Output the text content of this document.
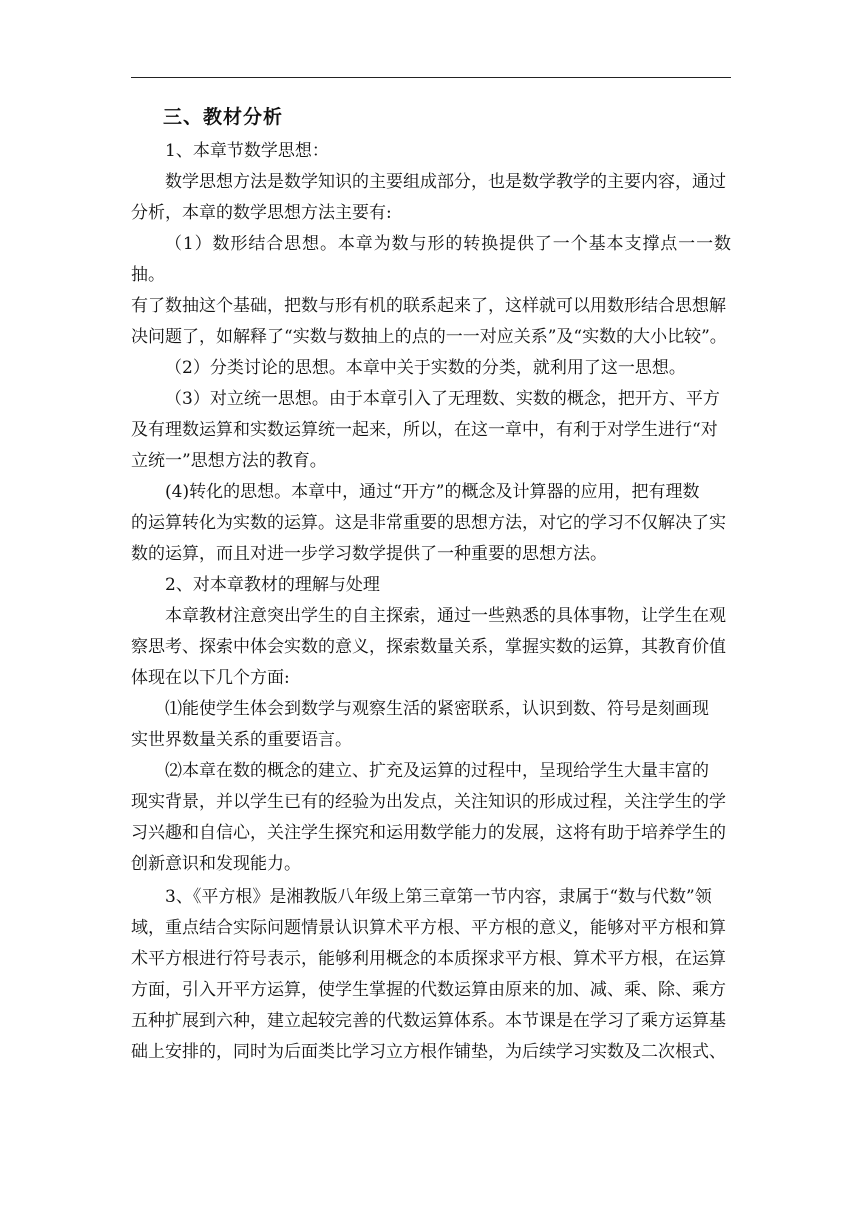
三、教材分析

1、本章节数学思想：

数学思想方法是数学知识的主要组成部分，也是数学教学的主要内容，通过
分析，本章的数学思想方法主要有:

（1）数形结合思想。本章为数与形的转换提供了一个基本支撑点一一数抽。
有了数抽这个基础，把数与形有机的联系起来了，这样就可以用数形结合思想解
决问题了，如解释了“实数与数抽上的点的一一对应关系”及“实数的大小比较”。

（2）分类讨论的思想。本章中关于实数的分类，就利用了这一思想。

（3）对立统一思想。由于本章引入了无理数、实数的概念，把开方、平方
及有理数运算和实数运算统一起来，所以，在这一章中，有利于对学生进行“对
立统一”思想方法的教育。

(4)转化的思想。本章中，通过“开方”的概念及计算器的应用，把有理数
的运算转化为实数的运算。这是非常重要的思想方法，对它的学习不仅解决了实
数的运算，而且对进一步学习数学提供了一种重要的思想方法。

2、对本章教材的理解与处理

本章教材注意突出学生的自主探索，通过一些熟悉的具体事物，让学生在观
察思考、探索中体会实数的意义，探索数量关系，掌握实数的运算，其教育价值
体现在以下几个方面:

⑴能使学生体会到数学与观察生活的紧密联系，认识到数、符号是刻画现
实世界数量关系的重要语言。

⑵本章在数的概念的建立、扩充及运算的过程中，呈现给学生大量丰富的
现实背景，并以学生已有的经验为出发点，关注知识的形成过程，关注学生的学
习兴趣和自信心，关注学生探究和运用数学能力的发展，这将有助于培养学生的
创新意识和发现能力。

3、《平方根》是湘教版八年级上第三章第一节内容，隶属于“数与代数”领
域，重点结合实际问题情景认识算术平方根、平方根的意义，能够对平方根和算
术平方根进行符号表示，能够利用概念的本质探求平方根、算术平方根，在运算
方面，引入开平方运算，使学生掌握的代数运算由原来的加、减、乘、除、乘方
五种扩展到六种，建立起较完善的代数运算体系。本节课是在学习了乘方运算基
础上安排的，同时为后面类比学习立方根作铺垫，为后续学习实数及二次根式、
